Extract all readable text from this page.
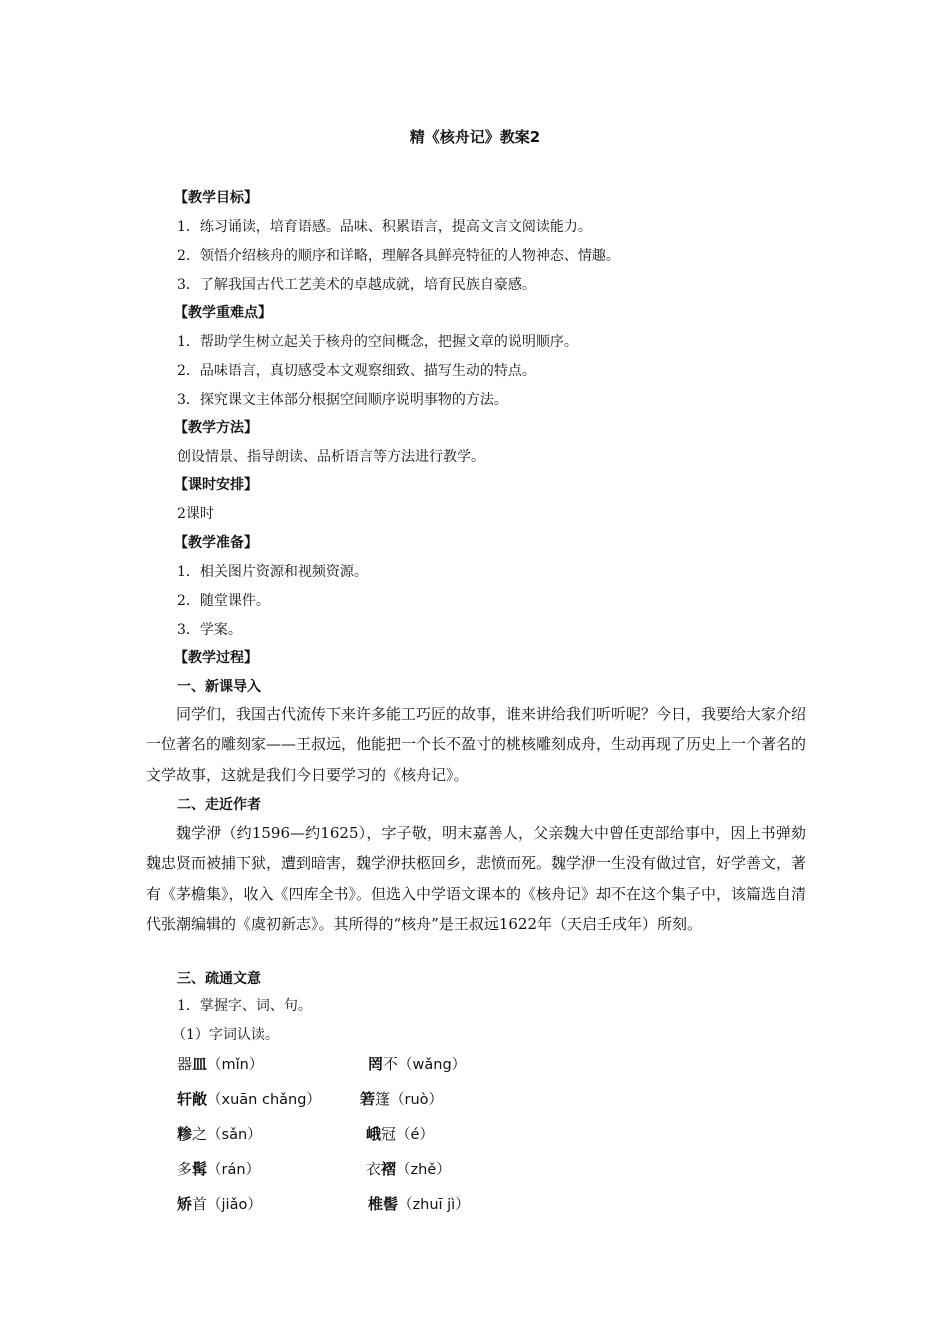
精《核舟记》教案2
【教学目标】
1．练习诵读，培育语感。品味、积累语言，提高文言文阅读能力。
2．领悟介绍核舟的顺序和详略，理解各具鲜亮特征的人物神态、情趣。
3．了解我国古代工艺美术的卓越成就，培育民族自豪感。
【教学重难点】
1．帮助学生树立起关于核舟的空间概念，把握文章的说明顺序。
2．品味语言，真切感受本文观察细致、描写生动的特点。
3．探究课文主体部分根据空间顺序说明事物的方法。
【教学方法】
创设情景、指导朗读、品析语言等方法进行教学。
【课时安排】
2课时
【教学准备】
1．相关图片资源和视频资源。
2．随堂课件。
3．学案。
【教学过程】
一、新课导入
同学们，我国古代流传下来许多能工巧匠的故事，谁来讲给我们听听呢？今日，我要给大家介绍一位著名的雕刻家——王叔远，他能把一个长不盈寸的桃核雕刻成舟，生动再现了历史上一个著名的文学故事，这就是我们今日要学习的《核舟记》。
二、走近作者
魏学洢（约1596—约1625），字子敬，明末嘉善人，父亲魏大中曾任吏部给事中，因上书弹劾魏忠贤而被捕下狱，遭到暗害，魏学洢扶柩回乡，悲愤而死。魏学洢一生没有做过官，好学善文，著有《茅檐集》，收入《四库全书》。但选入中学语文课本的《核舟记》却不在这个集子中，该篇选自清代张潮编辑的《虞初新志》。其所得的“核舟”是王叔远1622年（天启壬戌年）所刻。
三、疏通文意
1．掌握字、词、句。
（1）字词认读。
器皿（mǐn）	罔不（wǎng）
轩敞（xuān chǎng）	箬篷（ruò）
糁之（sǎn）	峨冠（é）
多髯（rán）	衣褶（zhě）
矫首（jiǎo）	椎髻（zhuī jì）
